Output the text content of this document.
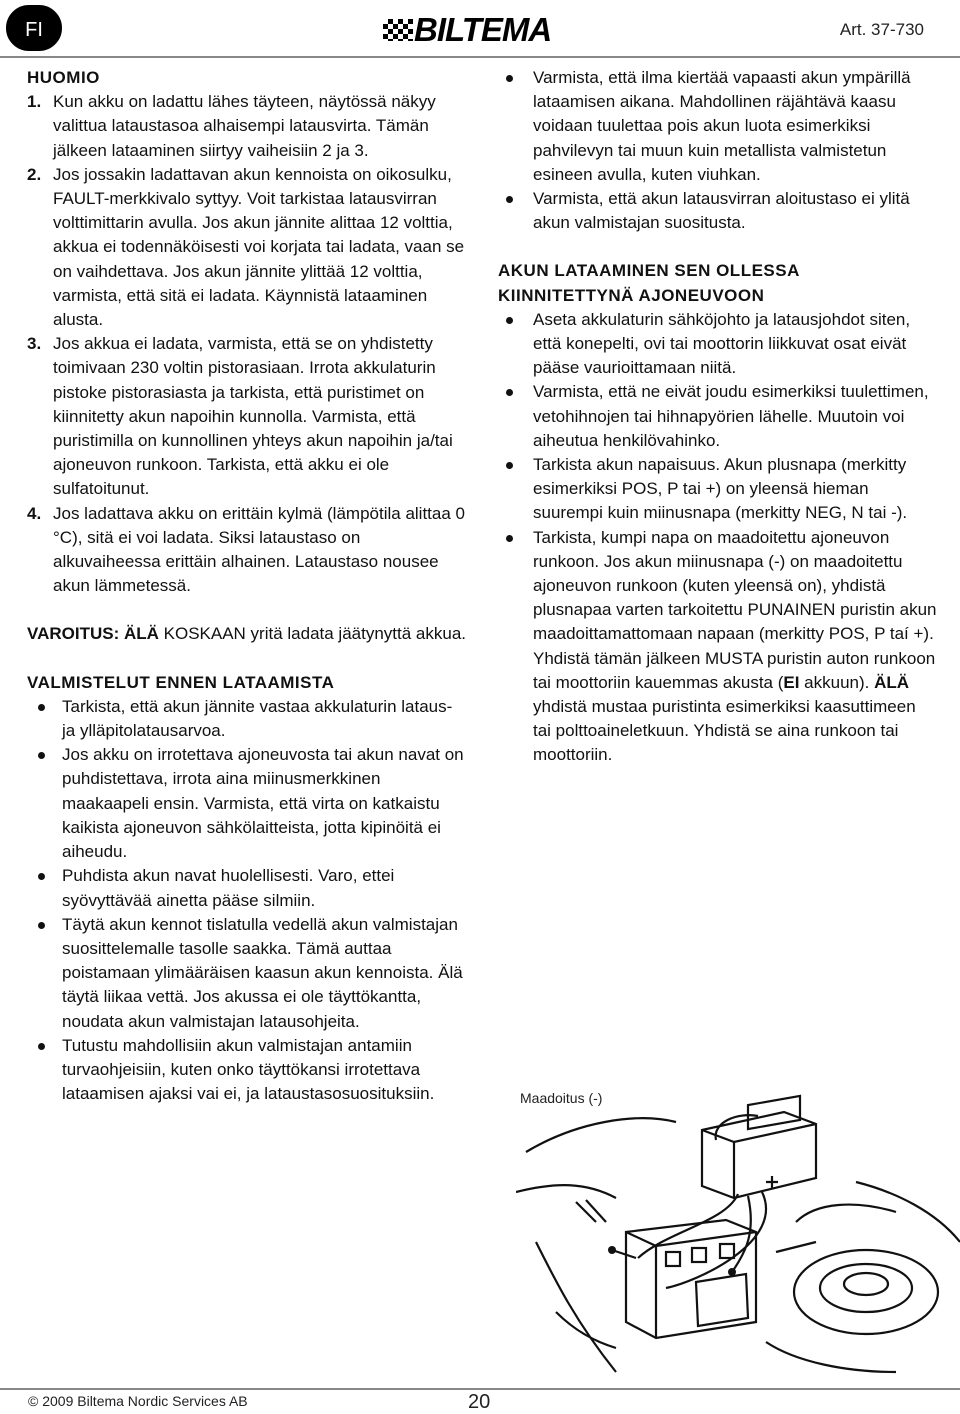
FI	BILTEMA	Art. 37-730

HUOMIO

1. Kun akku on ladattu lähes täyteen, näytössä näkyy valittua lataustasoa alhaisempi latausvirta. Tämän jälkeen lataaminen siirtyy vaiheisiin 2 ja 3.
2. Jos jossakin ladattavan akun kennoista on oikosulku, FAULT-merkkivalo syttyy. Voit tarkistaa latausvirran volttimittarin avulla. Jos akun jännite alittaa 12 volttia, akkua ei todennäköisesti voi korjata tai ladata, vaan se on vaihdettava. Jos akun jännite ylittää 12 volttia, varmista, että sitä ei ladata. Käynnistä lataaminen alusta.
3. Jos akkua ei ladata, varmista, että se on yhdistetty toimivaan 230 voltin pistorasiaan. Irrota akkulaturin pistoke pistorasiasta ja tarkista, että puristimet on kiinnitetty akun napoihin kunnolla. Varmista, että puristimilla on kunnollinen yhteys akun napoihin ja/tai ajoneuvon runkoon. Tarkista, että akku ei ole sulfatoitunut.
4. Jos ladattava akku on erittäin kylmä (lämpötila alittaa 0 °C), sitä ei voi ladata. Siksi lataustaso on alkuvaiheessa erittäin alhainen. Lataustaso nousee akun lämmetessä.

VAROITUS: ÄLÄ KOSKAAN yritä ladata jäätynyttä akkua.

VALMISTELUT ENNEN LATAAMISTA

Tarkista, että akun jännite vastaa akkulaturin lataus- ja ylläpitolatausarvoa.
Jos akku on irrotettava ajoneuvosta tai akun navat on puhdistettava, irrota aina miinusmerkkinen maakaapeli ensin. Varmista, että virta on katkaistu kaikista ajoneuvon sähkölaitteista, jotta kipinöitä ei aiheudu.
Puhdista akun navat huolellisesti. Varo, ettei syövyttävää ainetta pääse silmiin.
Täytä akun kennot tislatulla vedellä akun valmistajan suosittelemalle tasolle saakka. Tämä auttaa poistamaan ylimääräisen kaasun akun kennoista. Älä täytä liikaa vettä. Jos akussa ei ole täyttökantta, noudata akun valmistajan latausohjeita.
Tutustu mahdollisiin akun valmistajan antamiin turvaohjeisiin, kuten onko täyttökansi irrotettava lataamisen ajaksi vai ei, ja lataustasosuosituksiin.
Varmista, että ilma kiertää vapaasti akun ympärillä lataamisen aikana. Mahdollinen räjähtävä kaasu voidaan tuulettaa pois akun luota esimerkiksi pahvilevyn tai muun kuin metallista valmistetun esineen avulla, kuten viuhkan.
Varmista, että akun latausvirran aloitustaso ei ylitä akun valmistajan suositusta.

AKUN LATAAMINEN SEN OLLESSA KIINNITETTYNÄ AJONEUVOON

Aseta akkulaturin sähköjohto ja latausjohdot siten, että konepelti, ovi tai moottorin liikkuvat osat eivät pääse vaurioittamaan niitä.
Varmista, että ne eivät joudu esimerkiksi tuulettimen, vetohihnojen tai hihnapyörien lähelle. Muutoin voi aiheutua henkilövahinko.
Tarkista akun napaisuus. Akun plusnapa (merkitty esimerkiksi POS, P tai +) on yleensä hieman suurempi kuin miinusnapa (merkitty NEG, N tai -).
Tarkista, kumpi napa on maadoitettu ajoneuvon runkoon. Jos akun miinusnapa (-) on maadoitettu ajoneuvon runkoon (kuten yleensä on), yhdistä plusnapaa varten tarkoitettu PUNAINEN puristin akun maadoittamattomaan napaan (merkitty POS, P taí +). Yhdistä tämän jälkeen MUSTA puristin auton runkoon tai moottoriin kauemmas akusta (EI akkuun). ÄLÄ yhdistä mustaa puristinta esimerkiksi kaasuttimeen tai polttoaineletkuun. Yhdistä se aina runkoon tai moottoriin.
Maadoitus (-)
© 2009 Biltema Nordic Services AB	20
